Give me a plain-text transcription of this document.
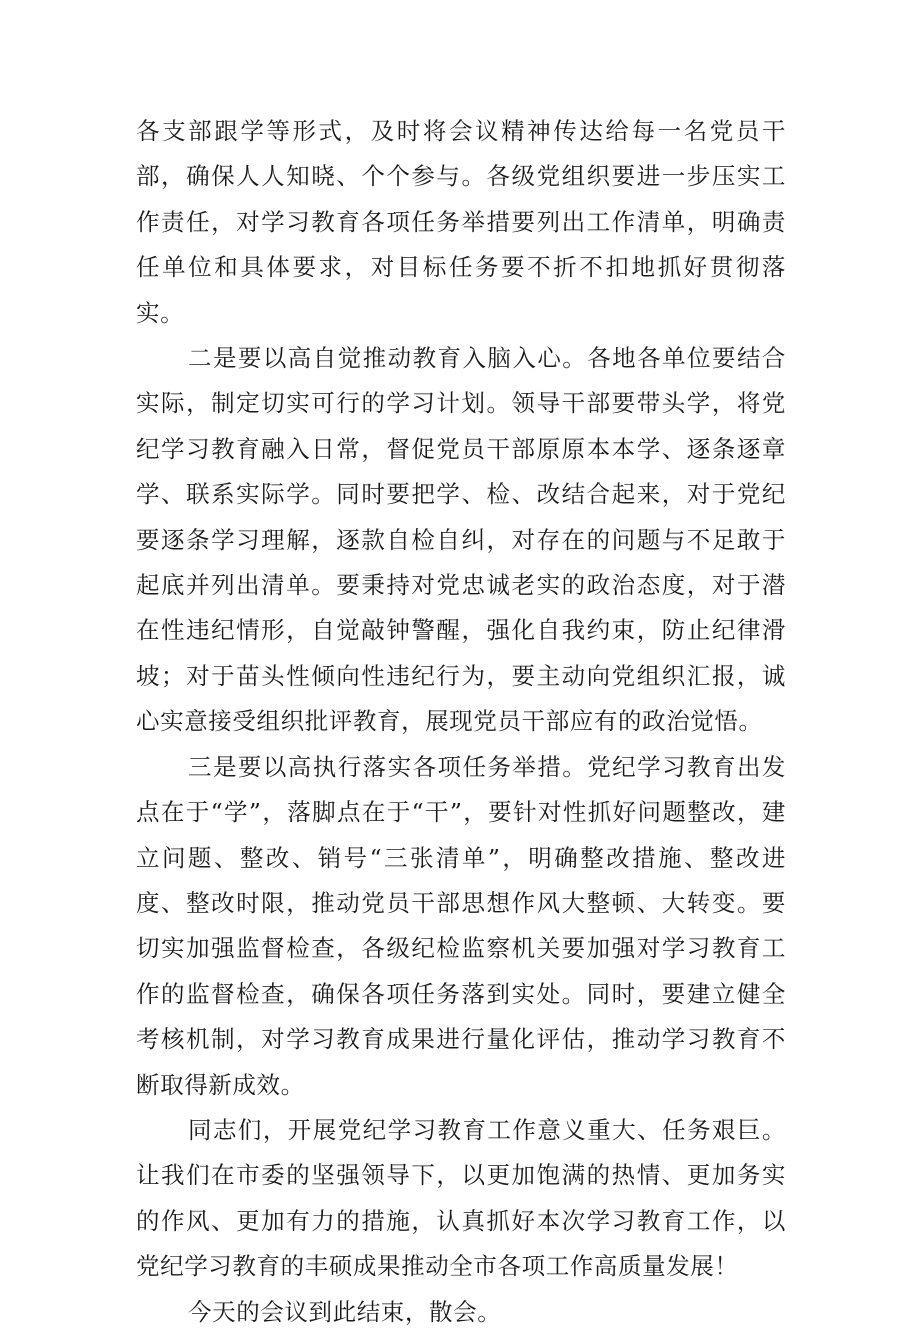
各支部跟学等形式，及时将会议精神传达给每一名党员干部，确保人人知晓、个个参与。各级党组织要进一步压实工作责任，对学习教育各项任务举措要列出工作清单，明确责任单位和具体要求，对目标任务要不折不扣地抓好贯彻落实。

二是要以高自觉推动教育入脑入心。各地各单位要结合实际，制定切实可行的学习计划。领导干部要带头学，将党纪学习教育融入日常，督促党员干部原原本本学、逐条逐章学、联系实际学。同时要把学、检、改结合起来，对于党纪要逐条学习理解，逐款自检自纠，对存在的问题与不足敢于起底并列出清单。要秉持对党忠诚老实的政治态度，对于潜在性违纪情形，自觉敲钟警醒，强化自我约束，防止纪律滑坡；对于苗头性倾向性违纪行为，要主动向党组织汇报，诚心实意接受组织批评教育，展现党员干部应有的政治觉悟。

三是要以高执行落实各项任务举措。党纪学习教育出发点在于“学”，落脚点在于“干”，要针对性抓好问题整改，建立问题、整改、销号“三张清单”，明确整改措施、整改进度、整改时限，推动党员干部思想作风大整顿、大转变。要切实加强监督检查，各级纪检监察机关要加强对学习教育工作的监督检查，确保各项任务落到实处。同时，要建立健全考核机制，对学习教育成果进行量化评估，推动学习教育不断取得新成效。

同志们，开展党纪学习教育工作意义重大、任务艰巨。让我们在市委的坚强领导下，以更加饱满的热情、更加务实的作风、更加有力的措施，认真抓好本次学习教育工作，以党纪学习教育的丰硕成果推动全市各项工作高质量发展！

今天的会议到此结束，散会。
